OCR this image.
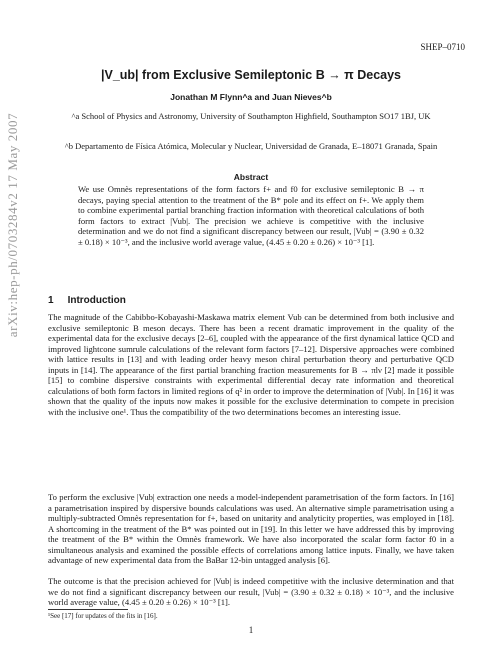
arXiv:hep-ph/0703284v2 17 May 2007
SHEP–0710
|V_ub| from Exclusive Semileptonic B → π Decays
Jonathan M Flynn^a and Juan Nieves^b
^a School of Physics and Astronomy, University of Southampton Highfield, Southampton SO17 1BJ, UK
^b Departamento de Física Atómica, Molecular y Nuclear, Universidad de Granada, E–18071 Granada, Spain
Abstract
We use Omnès representations of the form factors f+ and f0 for exclusive semileptonic B → π decays, paying special attention to the treatment of the B* pole and its effect on f+. We apply them to combine experimental partial branching fraction information with theoretical calculations of both form factors to extract |Vub|. The precision we achieve is competitive with the inclusive determination and we do not find a significant discrepancy between our result, |Vub| = (3.90 ± 0.32 ± 0.18) × 10⁻³, and the inclusive world average value, (4.45 ± 0.20 ± 0.26) × 10⁻³ [1].
1 Introduction
The magnitude of the Cabibbo-Kobayashi-Maskawa matrix element Vub can be determined from both inclusive and exclusive semileptonic B meson decays. There has been a recent dramatic improvement in the quality of the experimental data for the exclusive decays [2–6], coupled with the appearance of the first dynamical lattice QCD and improved lightcone sumrule calculations of the relevant form factors [7–12]. Dispersive approaches were combined with lattice results in [13] and with leading order heavy meson chiral perturbation theory and perturbative QCD inputs in [14]. The appearance of the first partial branching fraction measurements for B → πlν [2] made it possible [15] to combine dispersive constraints with experimental differential decay rate information and theoretical calculations of both form factors in limited regions of q² in order to improve the determination of |Vub|. In [16] it was shown that the quality of the inputs now makes it possible for the exclusive determination to compete in precision with the inclusive one¹. Thus the compatibility of the two determinations becomes an interesting issue.
To perform the exclusive |Vub| extraction one needs a model-independent parametrisation of the form factors. In [16] a parametrisation inspired by dispersive bounds calculations was used. An alternative simple parametrisation using a multiply-subtracted Omnès representation for f+, based on unitarity and analyticity properties, was employed in [18]. A shortcoming in the treatment of the B* was pointed out in [19]. In this letter we have addressed this by improving the treatment of the B* within the Omnès framework. We have also incorporated the scalar form factor f0 in a simultaneous analysis and examined the possible effects of correlations among lattice inputs. Finally, we have taken advantage of new experimental data from the BaBar 12-bin untagged analysis [6].
The outcome is that the precision achieved for |Vub| is indeed competitive with the inclusive determination and that we do not find a significant discrepancy between our result, |Vub| = (3.90 ± 0.32 ± 0.18) × 10⁻³, and the inclusive world average value, (4.45 ± 0.20 ± 0.26) × 10⁻³ [1].
¹See [17] for updates of the fits in [16].
1
